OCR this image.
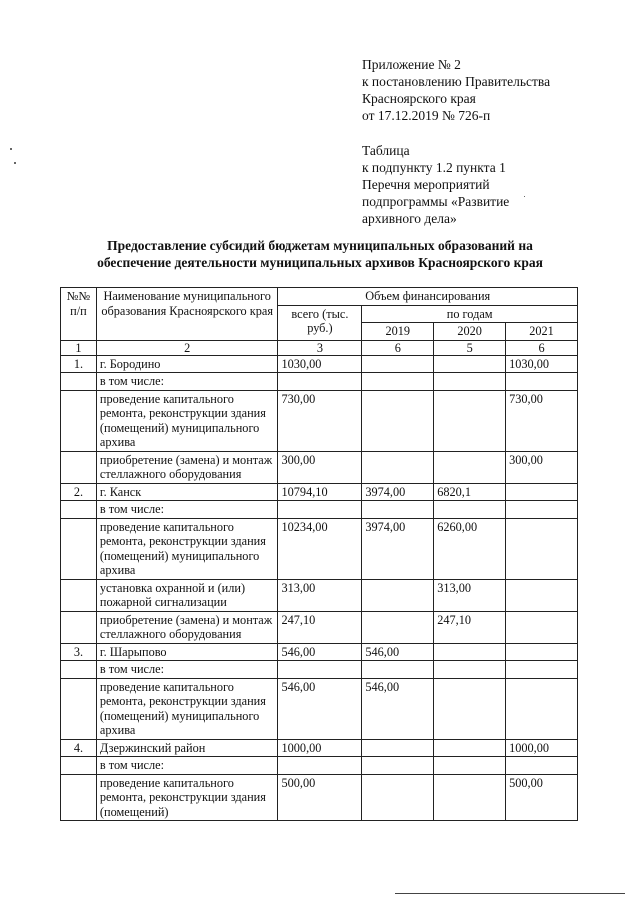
Приложение № 2
к постановлению Правительства
Красноярского края
от 17.12.2019 № 726-п
Таблица
к подпункту 1.2 пункта 1
Перечня мероприятий
подпрограммы «Развитие
архивного дела»
Предоставление субсидий бюджетам муниципальных образований на
обеспечение деятельности муниципальных архивов Красноярского края
№№ п/п	Наименование муниципального образования Красноярского края	Объем финансирования			
		всего (тыс. руб.)	по годам		
			2019	2020	2021
1	2	3	6	5	6
1.	г. Бородино	1030,00			1030,00
	в том числе:				
	проведение капитального ремонта, реконструкции здания (помещений) муниципального архива	730,00			730,00
	приобретение (замена) и монтаж стеллажного оборудования	300,00			300,00
2.	г. Канск	10794,10	3974,00	6820,1	
	в том числе:				
	проведение капитального ремонта, реконструкции здания (помещений) муниципального архива	10234,00	3974,00	6260,00	
	установка охранной и (или) пожарной сигнализации	313,00		313,00	
	приобретение (замена) и монтаж стеллажного оборудования	247,10		247,10	
3.	г. Шарыпово	546,00	546,00		
	в том числе:				
	проведение капитального ремонта, реконструкции здания (помещений) муниципального архива	546,00	546,00		
4.	Дзержинский район	1000,00			1000,00
	в том числе:				
	проведение капитального ремонта, реконструкции здания (помещений)	500,00			500,00
